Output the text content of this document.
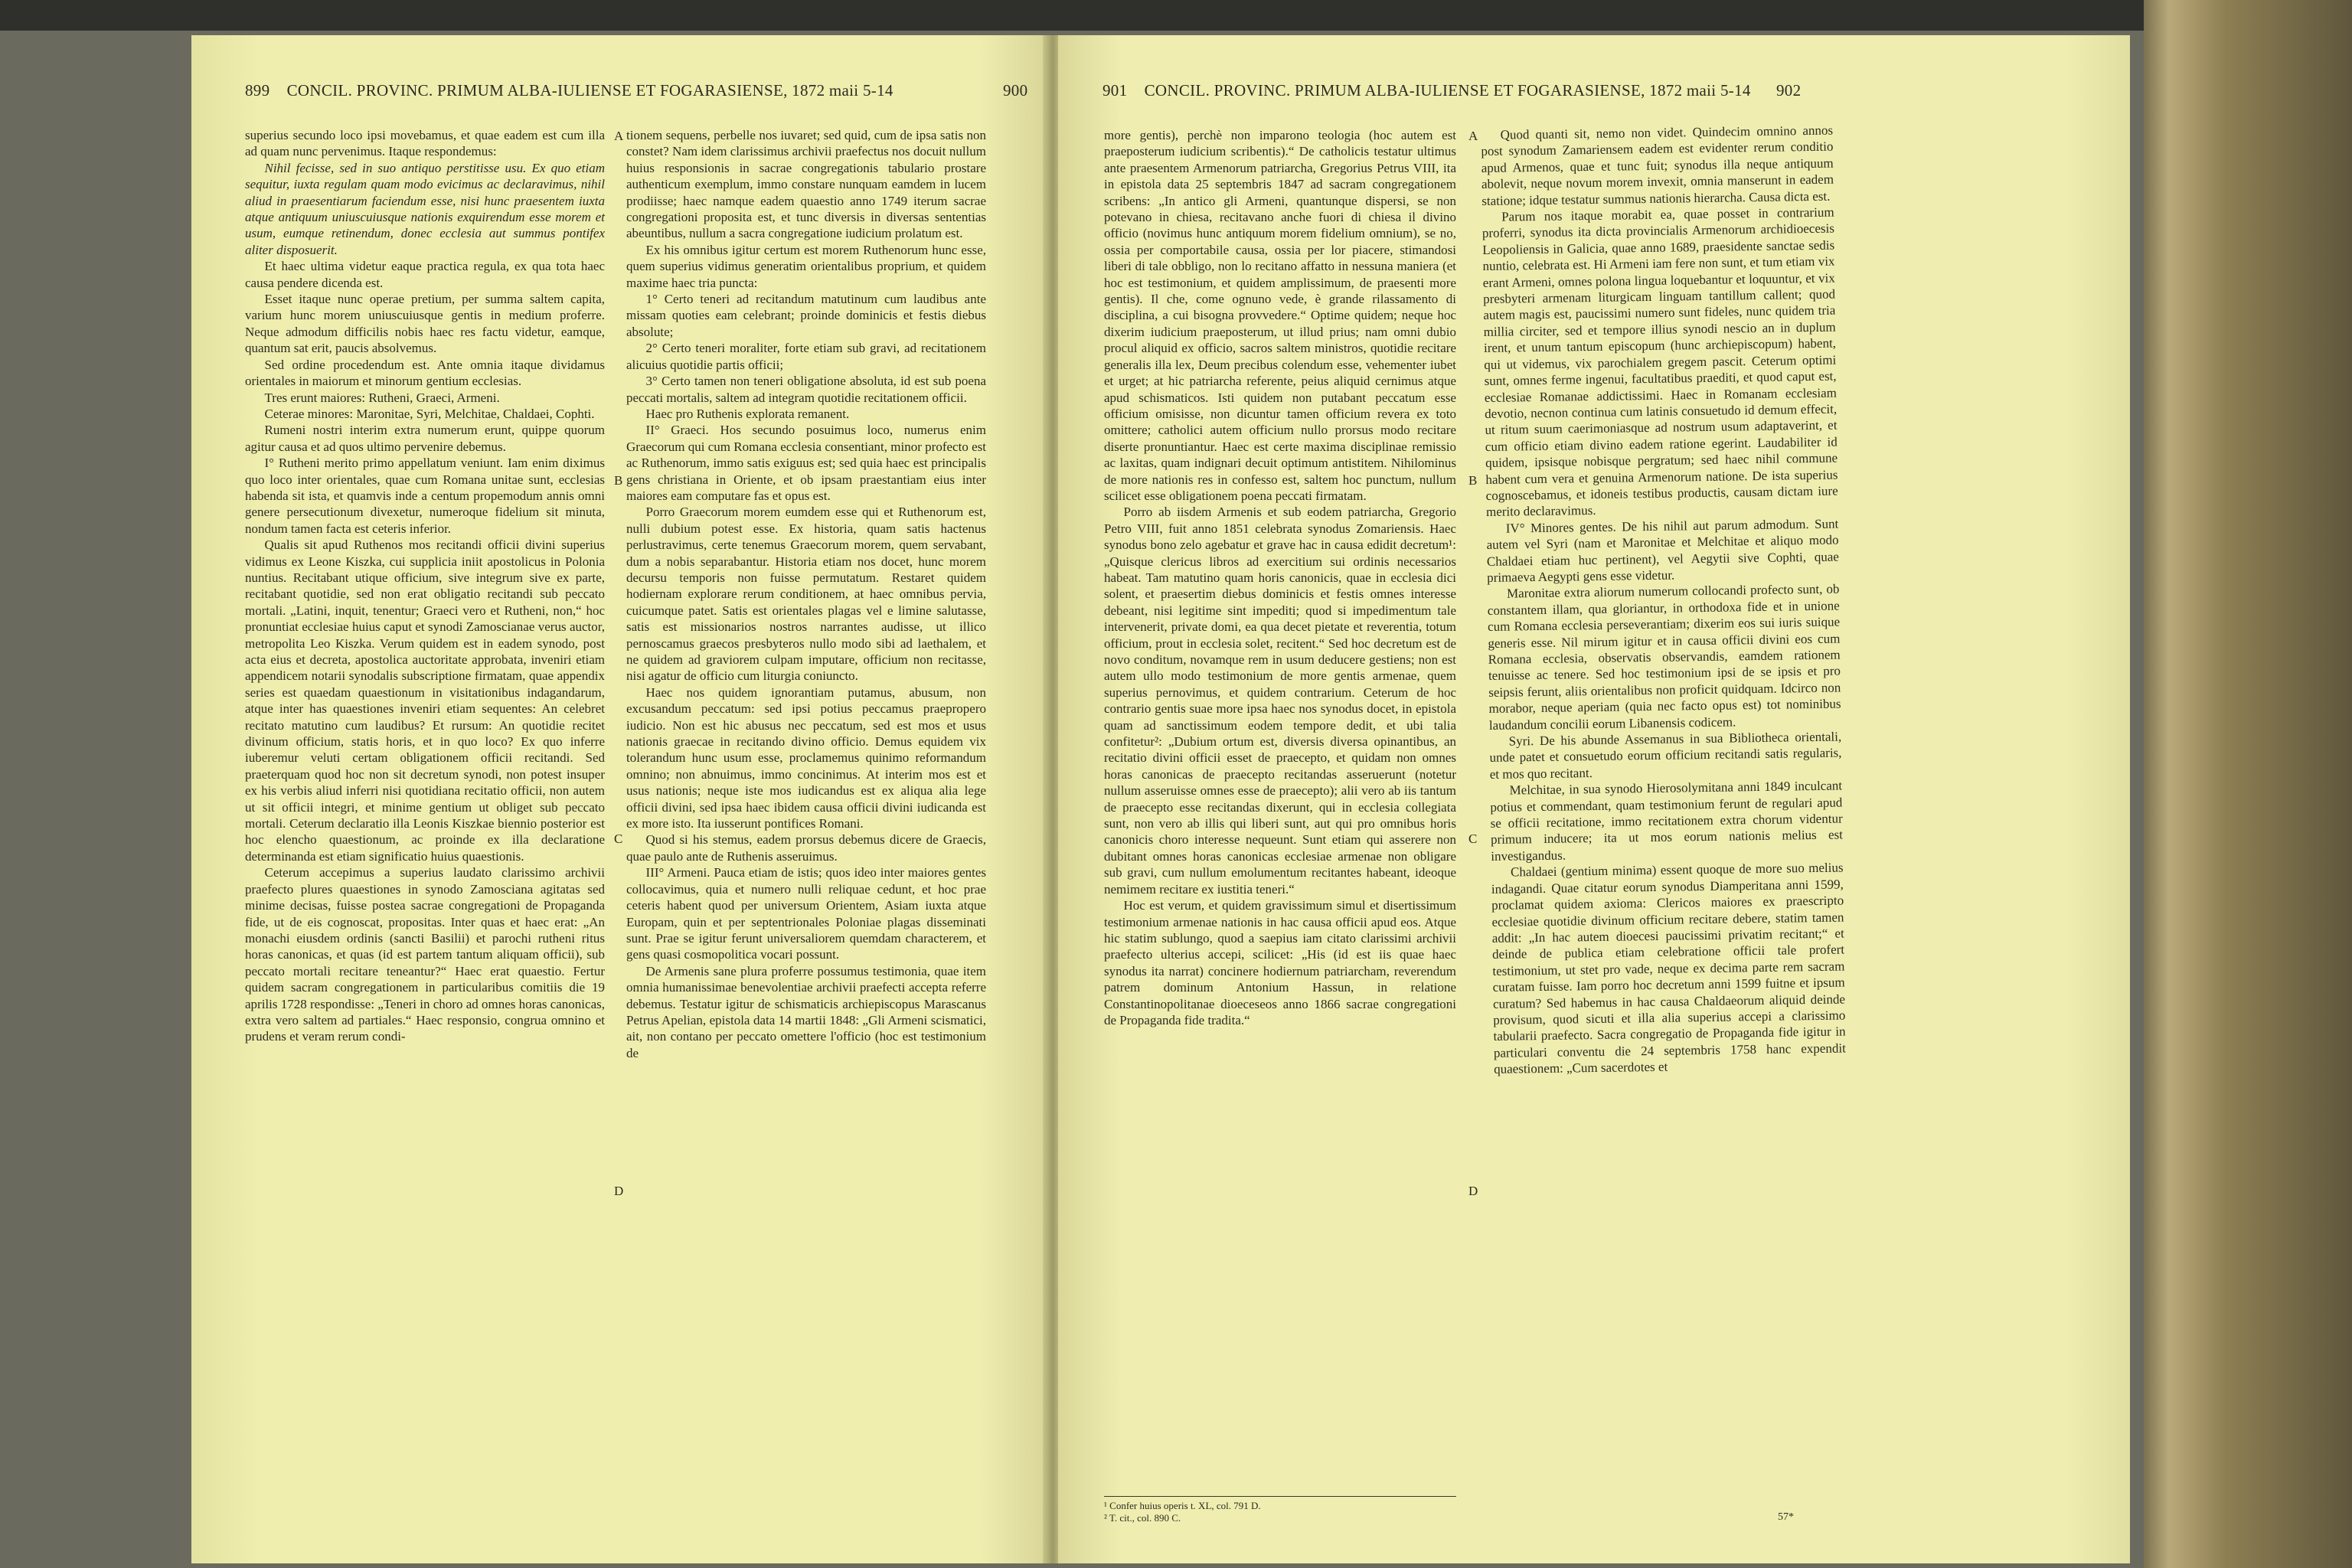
899 CONCIL. PROVINC. PRIMUM ALBA-IULIENSE ET FOGARASIENSE, 1872 maii 5-14	900

superius secundo loco ipsi movebamus, et quae eadem est cum illa ad quam nunc pervenimus. Itaque respondemus:

Nihil fecisse, sed in suo antiquo perstitisse usu. Ex quo etiam sequitur, iuxta regulam quam modo evicimus ac declaravimus, nihil aliud in praesentiarum faciendum esse, nisi hunc praesentem iuxta atque antiquum uniuscuiusque nationis exquirendum esse morem et usum, eumque retinendum, donec ecclesia aut summus pontifex aliter disposuerit.

Et haec ultima videtur eaque practica regula, ex qua tota haec causa pendere dicenda est.

Esset itaque nunc operae pretium, per summa saltem capita, varium hunc morem uniuscuiusque gentis in medium proferre. Neque admodum difficilis nobis haec res factu videtur, eamque, quantum sat erit, paucis absolvemus.

Sed ordine procedendum est. Ante omnia itaque dividamus orientales in maiorum et minorum gentium ecclesias.

Tres erunt maiores: Rutheni, Graeci, Armeni.

Ceterae minores: Maronitae, Syri, Melchitae, Chaldaei, Cophti.

Rumeni nostri interim extra numerum erunt, quippe quorum agitur causa et ad quos ultimo pervenire debemus.

I° Rutheni merito primo appellatum veniunt. Iam enim diximus quo loco inter orientales, quae cum Romana unitae sunt, ecclesias habenda sit ista, et quamvis inde a centum propemodum annis omni genere persecutionum divexetur, numeroque fidelium sit minuta, nondum tamen facta est ceteris inferior.

Qualis sit apud Ruthenos mos recitandi officii divini superius vidimus ex Leone Kiszka, cui supplicia iniit apostolicus in Polonia nuntius. Recitabant utique officium, sive integrum sive ex parte, recitabant quotidie, sed non erat obligatio recitandi sub peccato mortali. „Latini, inquit, tenentur; Graeci vero et Rutheni, non,“ hoc pronuntiat ecclesiae huius caput et synodi Zamoscianae verus auctor, metropolita Leo Kiszka. Verum quidem est in eadem synodo, post acta eius et decreta, apostolica auctoritate approbata, inveniri etiam appendicem notarii synodalis subscriptione firmatam, quae appendix series est quaedam quaestionum in visitationibus indagandarum, atque inter has quaestiones inveniri etiam sequentes: An celebret recitato matutino cum laudibus? Et rursum: An quotidie recitet divinum officium, statis horis, et in quo loco? Ex quo inferre iuberemur veluti certam obligationem officii recitandi. Sed praeterquam quod hoc non sit decretum synodi, non potest insuper ex his verbis aliud inferri nisi quotidiana recitatio officii, non autem ut sit officii integri, et minime gentium ut obliget sub peccato mortali. Ceterum declaratio illa Leonis Kiszkae biennio posterior est hoc elencho quaestionum, ac proinde ex illa declaratione determinanda est etiam significatio huius quaestionis.

Ceterum accepimus a superius laudato clarissimo archivii praefecto plures quaestiones in synodo Zamosciana agitatas sed minime decisas, fuisse postea sacrae congregationi de Propaganda fide, ut de eis cognoscat, propositas. Inter quas et haec erat: „An monachi eiusdem ordinis (sancti Basilii) et parochi rutheni ritus horas canonicas, et quas (id est partem tantum aliquam officii), sub peccato mortali recitare teneantur?“ Haec erat quaestio. Fertur quidem sacram congregationem in particularibus comitiis die 19 aprilis 1728 respondisse: „Teneri in choro ad omnes horas canonicas, extra vero saltem ad partiales.“ Haec responsio, congrua omnino et prudens et veram rerum condi-

tionem sequens, perbelle nos iuvaret; sed quid, cum de ipsa satis non constet? Nam idem clarissimus archivii praefectus nos docuit nullum huius responsionis in sacrae congregationis tabulario prostare authenticum exemplum, immo constare nunquam eamdem in lucem prodiisse; haec namque eadem quaestio anno 1749 iterum sacrae congregationi proposita est, et tunc diversis in diversas sententias abeuntibus, nullum a sacra congregatione iudicium prolatum est.

Ex his omnibus igitur certum est morem Ruthenorum hunc esse, quem superius vidimus generatim orientalibus proprium, et quidem maxime haec tria puncta:

1° Certo teneri ad recitandum matutinum cum laudibus ante missam quoties eam celebrant; proinde dominicis et festis diebus absolute;

2° Certo teneri moraliter, forte etiam sub gravi, ad recitationem alicuius quotidie partis officii;

3° Certo tamen non teneri obligatione absoluta, id est sub poena peccati mortalis, saltem ad integram quotidie recitationem officii.

Haec pro Ruthenis explorata remanent.

II° Graeci. Hos secundo posuimus loco, numerus enim Graecorum qui cum Romana ecclesia consentiant, minor profecto est ac Ruthenorum, immo satis exiguus est; sed quia haec est principalis gens christiana in Oriente, et ob ipsam praestantiam eius inter maiores eam computare fas et opus est.

Porro Graecorum morem eumdem esse qui et Ruthenorum est, nulli dubium potest esse. Ex historia, quam satis hactenus perlustravimus, certe tenemus Graecorum morem, quem servabant, dum a nobis separabantur. Historia etiam nos docet, hunc morem decursu temporis non fuisse permutatum. Restaret quidem hodiernam explorare rerum conditionem, at haec omnibus pervia, cuicumque patet. Satis est orientales plagas vel e limine salutasse, satis est missionarios nostros narrantes audisse, ut illico pernoscamus graecos presbyteros nullo modo sibi ad laethalem, et ne quidem ad graviorem culpam imputare, officium non recitasse, nisi agatur de officio cum liturgia coniuncto.

Haec nos quidem ignorantiam putamus, abusum, non excusandum peccatum: sed ipsi potius peccamus praepropero iudicio. Non est hic abusus nec peccatum, sed est mos et usus nationis graecae in recitando divino officio. Demus equidem vix tolerandum hunc usum esse, proclamemus quinimo reformandum omnino; non abnuimus, immo concinimus. At interim mos est et usus nationis; neque iste mos iudicandus est ex aliqua alia lege officii divini, sed ipsa haec ibidem causa officii divini iudicanda est ex more isto. Ita iusserunt pontifices Romani.

Quod si his stemus, eadem prorsus debemus dicere de Graecis, quae paulo ante de Ruthenis asseruimus.

III° Armeni. Pauca etiam de istis; quos ideo inter maiores gentes collocavimus, quia et numero nulli reliquae cedunt, et hoc prae ceteris habent quod per universum Orientem, Asiam iuxta atque Europam, quin et per septentrionales Poloniae plagas disseminati sunt. Prae se igitur ferunt universaliorem quemdam characterem, et gens quasi cosmopolitica vocari possunt.

De Armenis sane plura proferre possumus testimonia, quae item omnia humanissimae benevolentiae archivii praefecti accepta referre debemus. Testatur igitur de schismaticis archiepiscopus Marascanus Petrus Apelian, epistola data 14 martii 1848: „Gli Armeni scismatici, ait, non contano per peccato omettere l'officio (hoc est testimonium de

A
B
C
D
901 CONCIL. PROVINC. PRIMUM ALBA-IULIENSE ET FOGARASIENSE, 1872 maii 5-14 902

more gentis), perchè non imparono teologia (hoc autem est praeposterum iudicium scribentis).“ De catholicis testatur ultimus ante praesentem Armenorum patriarcha, Gregorius Petrus VIII, ita in epistola data 25 septembris 1847 ad sacram congregationem scribens: „In antico gli Armeni, quantunque dispersi, se non potevano in chiesa, recitavano anche fuori di chiesa il divino officio (novimus hunc antiquum morem fidelium omnium), se no, ossia per comportabile causa, ossia per lor piacere, stimandosi liberi di tale obbligo, non lo recitano affatto in nessuna maniera (et hoc est testimonium, et quidem amplissimum, de praesenti more gentis). Il che, come ognuno vede, è grande rilassamento di disciplina, a cui bisogna provvedere.“ Optime quidem; neque hoc dixerim iudicium praeposterum, ut illud prius; nam omni dubio procul aliquid ex officio, sacros saltem ministros, quotidie recitare generalis illa lex, Deum precibus colendum esse, vehementer iubet et urget; at hic patriarcha referente, peius aliquid cernimus atque apud schismaticos. Isti quidem non putabant peccatum esse officium omisisse, non dicuntur tamen officium revera ex toto omittere; catholici autem officium nullo prorsus modo recitare diserte pronuntiantur. Haec est certe maxima disciplinae remissio ac laxitas, quam indignari decuit optimum antistitem. Nihilominus de more nationis res in confesso est, saltem hoc punctum, nullum scilicet esse obligationem poena peccati firmatam.

Porro ab iisdem Armenis et sub eodem patriarcha, Gregorio Petro VIII, fuit anno 1851 celebrata synodus Zomariensis. Haec synodus bono zelo agebatur et grave hac in causa edidit decretum¹: „Quisque clericus libros ad exercitium sui ordinis necessarios habeat. Tam matutino quam horis canonicis, quae in ecclesia dici solent, et praesertim diebus dominicis et festis omnes interesse debeant, nisi legitime sint impediti; quod si impedimentum tale intervenerit, private domi, ea qua decet pietate et reverentia, totum officium, prout in ecclesia solet, recitent.“ Sed hoc decretum est de novo conditum, novamque rem in usum deducere gestiens; non est autem ullo modo testimonium de more gentis armenae, quem superius pernovimus, et quidem contrarium. Ceterum de hoc contrario gentis suae more ipsa haec nos synodus docet, in epistola quam ad sanctissimum eodem tempore dedit, et ubi talia confitetur²: „Dubium ortum est, diversis diversa opinantibus, an recitatio divini officii esset de praecepto, et quidam non omnes horas canonicas de praecepto recitandas asseruerunt (notetur nullum asseruisse omnes esse de praecepto); alii vero ab iis tantum de praecepto esse recitandas dixerunt, qui in ecclesia collegiata sunt, non vero ab illis qui liberi sunt, aut qui pro omnibus horis canonicis choro interesse nequeunt. Sunt etiam qui asserere non dubitant omnes horas canonicas ecclesiae armenae non obligare sub gravi, cum nullum emolumentum recitantes habeant, ideoque nemimem recitare ex iustitia teneri.“

Hoc est verum, et quidem gravissimum simul et disertissimum testimonium armenae nationis in hac causa officii apud eos. Atque hic statim sublungo, quod a saepius iam citato clarissimi archivii praefecto ulterius accepi, scilicet: „His (id est iis quae haec synodus ita narrat) concinere hodiernum patriarcham, reverendum patrem dominum Antonium Hassun, in relatione Constantinopolitanae dioeceseos anno 1866 sacrae congregationi de Propaganda fide tradita.“

Quod quanti sit, nemo non videt. Quindecim omnino annos post synodum Zamariensem eadem est evidenter rerum conditio apud Armenos, quae et tunc fuit; synodus illa neque antiquum abolevit, neque novum morem invexit, omnia manserunt in eadem statione; idque testatur summus nationis hierarcha. Causa dicta est.

Parum nos itaque morabit ea, quae posset in contrarium proferri, synodus ita dicta provincialis Armenorum archidioecesis Leopoliensis in Galicia, quae anno 1689, praesidente sanctae sedis nuntio, celebrata est. Hi Armeni iam fere non sunt, et tum etiam vix erant Armeni, omnes polona lingua loquebantur et loquuntur, et vix presbyteri armenam liturgicam linguam tantillum callent; quod autem magis est, paucissimi numero sunt fideles, nunc quidem tria millia circiter, sed et tempore illius synodi nescio an in duplum irent, et unum tantum episcopum (hunc archiepiscopum) habent, qui ut videmus, vix parochialem gregem pascit. Ceterum optimi sunt, omnes ferme ingenui, facultatibus praediti, et quod caput est, ecclesiae Romanae addictissimi. Haec in Romanam ecclesiam devotio, necnon continua cum latinis consuetudo id demum effecit, ut ritum suum caerimoniasque ad nostrum usum adaptaverint, et cum officio etiam divino eadem ratione egerint. Laudabiliter id quidem, ipsisque nobisque pergratum; sed haec nihil commune habent cum vera et genuina Armenorum natione. De ista superius cognoscebamus, et idoneis testibus productis, causam dictam iure merito declaravimus.

IV° Minores gentes. De his nihil aut parum admodum. Sunt autem vel Syri (nam et Maronitae et Melchitae et aliquo modo Chaldaei etiam huc pertinent), vel Aegytii sive Cophti, quae primaeva Aegypti gens esse videtur.

Maronitae extra aliorum numerum collocandi profecto sunt, ob constantem illam, qua gloriantur, in orthodoxa fide et in unione cum Romana ecclesia perseverantiam; dixerim eos sui iuris suique generis esse. Nil mirum igitur et in causa officii divini eos cum Romana ecclesia, observatis observandis, eamdem rationem tenuisse ac tenere. Sed hoc testimonium ipsi de se ipsis et pro seipsis ferunt, aliis orientalibus non proficit quidquam. Idcirco non morabor, neque aperiam (quia nec facto opus est) tot nominibus laudandum concilii eorum Libanensis codicem.

Syri. De his abunde Assemanus in sua Bibliotheca orientali, unde patet et consuetudo eorum officium recitandi satis regularis, et mos quo recitant.

Melchitae, in sua synodo Hierosolymitana anni 1849 inculcant potius et commendant, quam testimonium ferunt de regulari apud se officii recitatione, immo recitationem extra chorum videntur primum inducere; ita ut mos eorum nationis melius est investigandus.

Chaldaei (gentium minima) essent quoque de more suo melius indagandi. Quae citatur eorum synodus Diamperitana anni 1599, proclamat quidem axioma: Clericos maiores ex praescripto ecclesiae quotidie divinum officium recitare debere, statim tamen addit: „In hac autem dioecesi paucissimi privatim recitant;“ et deinde de publica etiam celebratione officii tale profert testimonium, ut stet pro vade, neque ex decima parte rem sacram curatam fuisse. Iam porro hoc decretum anni 1599 fuitne et ipsum curatum? Sed habemus in hac causa Chaldaeorum aliquid deinde provisum, quod sicuti et illa alia superius accepi a clarissimo tabularii praefecto. Sacra congregatio de Propaganda fide igitur in particulari conventu die 24 septembris 1758 hanc expendit quaestionem: „Cum sacerdotes et

A
B
C
D
¹ Confer huius operis t. XL, col. 791 D.
² T. cit., col. 890 C.	57*
